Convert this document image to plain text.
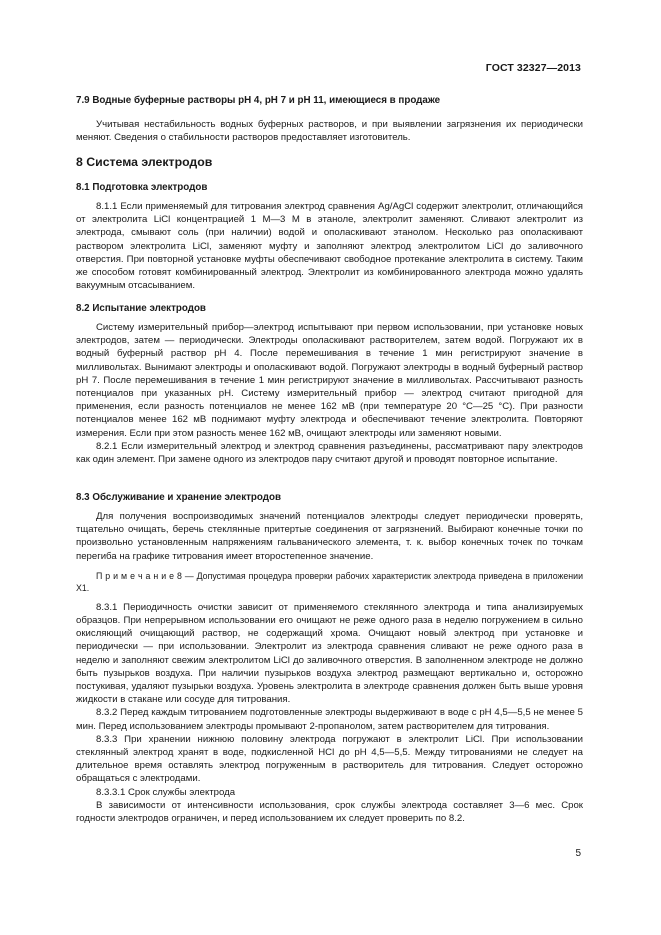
ГОСТ 32327—2013
7.9 Водные буферные растворы pH 4, pH 7 и pH 11, имеющиеся в продаже

Учитывая нестабильность водных буферных растворов, и при выявлении загрязнения их периодически меняют. Сведения о стабильности растворов предоставляет изготовитель.

8 Система электродов
8.1 Подготовка электродов

8.1.1 Если применяемый для титрования электрод сравнения Ag/AgCl содержит электролит, отличающийся от электролита LiCl концентрацией 1 М—3 М в этаноле, электролит заменяют. Сливают электролит из электрода, смывают соль (при наличии) водой и ополаскивают этанолом. Несколько раз ополаскивают раствором электролита LiCl, заменяют муфту и заполняют электрод электролитом LiCl до заливочного отверстия. При повторной установке муфты обеспечивают свободное протекание электролита в систему. Таким же способом готовят комбинированный электрод. Электролит из комбинированного электрода можно удалять вакуумным отсасыванием.

8.2 Испытание электродов

Систему измерительный прибор—электрод испытывают при первом использовании, при установке новых электродов, затем — периодически. Электроды ополаскивают растворителем, затем водой. Погружают их в водный буферный раствор pH 4. После перемешивания в течение 1 мин регистрируют значение в милливольтах. Вынимают электроды и ополаскивают водой. Погружают электроды в водный буферный раствор pH 7. После перемешивания в течение 1 мин регистрируют значение в милливольтах. Рассчитывают разность потенциалов при указанных pH. Систему измерительный прибор — электрод считают пригодной для применения, если разность потенциалов не менее 162 мВ (при температуре 20 °С—25 °С). При разности потенциалов менее 162 мВ поднимают муфту электрода и обеспечивают течение электролита. Повторяют измерения. Если при этом разность менее 162 мВ, очищают электроды или заменяют новыми.

8.2.1 Если измерительный электрод и электрод сравнения разъединены, рассматривают пару электродов как один элемент. При замене одного из электродов пару считают другой и проводят повторное испытание.

8.3 Обслуживание и хранение электродов

Для получения воспроизводимых значений потенциалов электроды следует периодически проверять, тщательно очищать, беречь стеклянные притертые соединения от загрязнений. Выбирают конечные точки по произвольно установленным напряжениям гальванического элемента, т. к. выбор конечных точек по точкам перегиба на графике титрования имеет второстепенное значение.

П р и м е ч а н и е 8 — Допустимая процедура проверки рабочих характеристик электрода приведена в приложении Х1.

8.3.1 Периодичность очистки зависит от применяемого стеклянного электрода и типа анализируемых образцов. При непрерывном использовании его очищают не реже одного раза в неделю погружением в сильно окисляющий очищающий раствор, не содержащий хрома. Очищают новый электрод при установке и периодически — при использовании. Электролит из электрода сравнения сливают не реже одного раза в неделю и заполняют свежим электролитом LiCl до заливочного отверстия. В заполненном электроде не должно быть пузырьков воздуха. При наличии пузырьков воздуха электрод размещают вертикально и, осторожно постукивая, удаляют пузырьки воздуха. Уровень электролита в электроде сравнения должен быть выше уровня жидкости в стакане или сосуде для титрования.

8.3.2 Перед каждым титрованием подготовленные электроды выдерживают в воде с pH 4,5—5,5 не менее 5 мин. Перед использованием электроды промывают 2-пропанолом, затем растворителем для титрования.

8.3.3 При хранении нижнюю половину электрода погружают в электролит LiCl. При использовании стеклянный электрод хранят в воде, подкисленной HCl до pH 4,5—5,5. Между титрованиями не следует на длительное время оставлять электрод погруженным в растворитель для титрования. Следует осторожно обращаться с электродами.

8.3.3.1 Срок службы электрода

В зависимости от интенсивности использования, срок службы электрода составляет 3—6 мес. Срок годности электродов ограничен, и перед использованием их следует проверить по 8.2.

5
